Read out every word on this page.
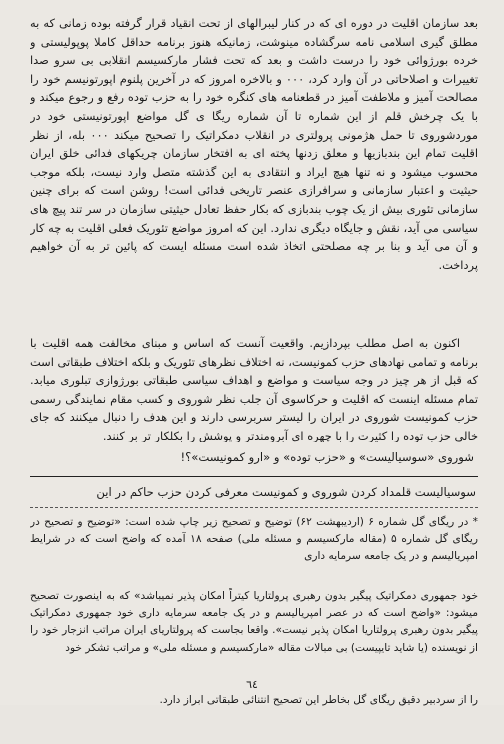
بعد سازمان اقلیت در دوره ای که در کنار لیبرالهای از تحت انقیاد قرار گرفته بوده زمانی که به مطلق گیری اسلامی نامه سرگشاده مینوشت، زمانیکه هنوز برنامه حداقل کاملا پوپولیستی و خرده بورژوائی خود را درست داشت و بعد که تحت فشار مارکسیسم انقلابی بی سرو صدا تغییرات و اصلاحاتی در آن وارد کرد، ۰۰۰ و بالاخره امروز که در آخرین پلنوم اپورتونیسم خود را مصالحت آمیز و ملاطفت آمیز در قطعنامه های کنگره خود را به حزب توده رفع و رجوع میکند و با یک چرخش قلم از این شماره تا آن شماره ریگا ی گل مواضع اپورتونیستی خود در موردشوروی تا حمل هژمونی پرولتری در انقلاب دمکراتیک را تصحیح میکند ۰۰۰ بله، از نظر اقلیت تمام این بندبازیها و معلق زدنها پخته ای به افتخار سازمان چریکهای فدائی خلق ایران محسوب میشود و نه تنها هیچ ایراد و انتقادی به این گذشته متصل وارد نیست، بلکه موجب حیثیت و اعتبار سازمانی و سرافرازی عنصر تاریخی فدائی است! روشن است که برای چنین سازمانی تئوری بیش از یک چوب بندبازی که بکار حفظ تعادل حیثیتی سازمان در سر تند پیچ های سیاسی می آید، نقش و جایگاه دیگری ندارد. این که امروز مواضع تئوریک فعلی اقلیت به چه کار و آن می آید و بنا بر چه مصلحتی اتخاذ شده است مسئله ایست که پائین تر به آن خواهیم پرداخت.

اکنون به اصل مطلب بپردازیم. واقعیت آنست که اساس و مبنای مخالفت همه اقلیت با برنامه و تمامی نهادهای حزب کمونیست، نه اختلاف نظرهای تئوریک و بلکه اختلاف طبقاتی است که قبل از هر چیز در وجه سیاست و مواضع و اهداف سیاسی طبقاتی بورژوازی تبلوری میابد. تمام مسئله اینست که اقلیت و حرکاسوی آن جلب نظر شوروی و کسب مقام نمایندگی رسمی حزب کمونیست شوروی در ایران را لیستر سربرسی دارند و این هدف را دنبال میکنند که جای خالی حزب توده را کثیرت را با چهره ای آبرومندتر و پوشش را بکلکار تر بر کنند.

شوروی «سوسیالیست» و «حزب توده» و «ارو کمونیست»؟!
سوسیالیست قلمداد کردن شوروی و کمونیست معرفی کردن حزب حاکم در این

* در ریگای گل شماره ۶ (اردیبهشت ۶۲) توضیح و تصحیح زیر چاپ شده است: «توضیح و تصحیح در ریگای گل شماره ۵ (مقاله مارکسیسم و مسئله ملی) صفحه ۱۸ آمده که واضح است که در شرایط امپریالیسم و در یک جامعه سرمایه داری

خود جمهوری دمکراتیک پیگیر بدون رهبری پرولتاریا کیتراً امکان پذیر نمیباشد» که به اینصورت تصحیح میشود: «واضح است که در عصر امپریالیسم و در یک جامعه سرمایه داری خود جمهوری دمکراتیک پیگیر بدون رهبری پرولتاریا امکان پذیر نیست». واقعا بجاست که پرولتاریای ایران مراتب انزجار خود را از نویسنده (یا شاید تایپیست) بی مبالات مقاله «مارکسیسم و مسئله ملی» و مراتب تشکر خود

را از سردبیر دقیق ریگای گل بخاطر این تصحیح انتنائی طبقاتی ابراز دارد.

٦٤
